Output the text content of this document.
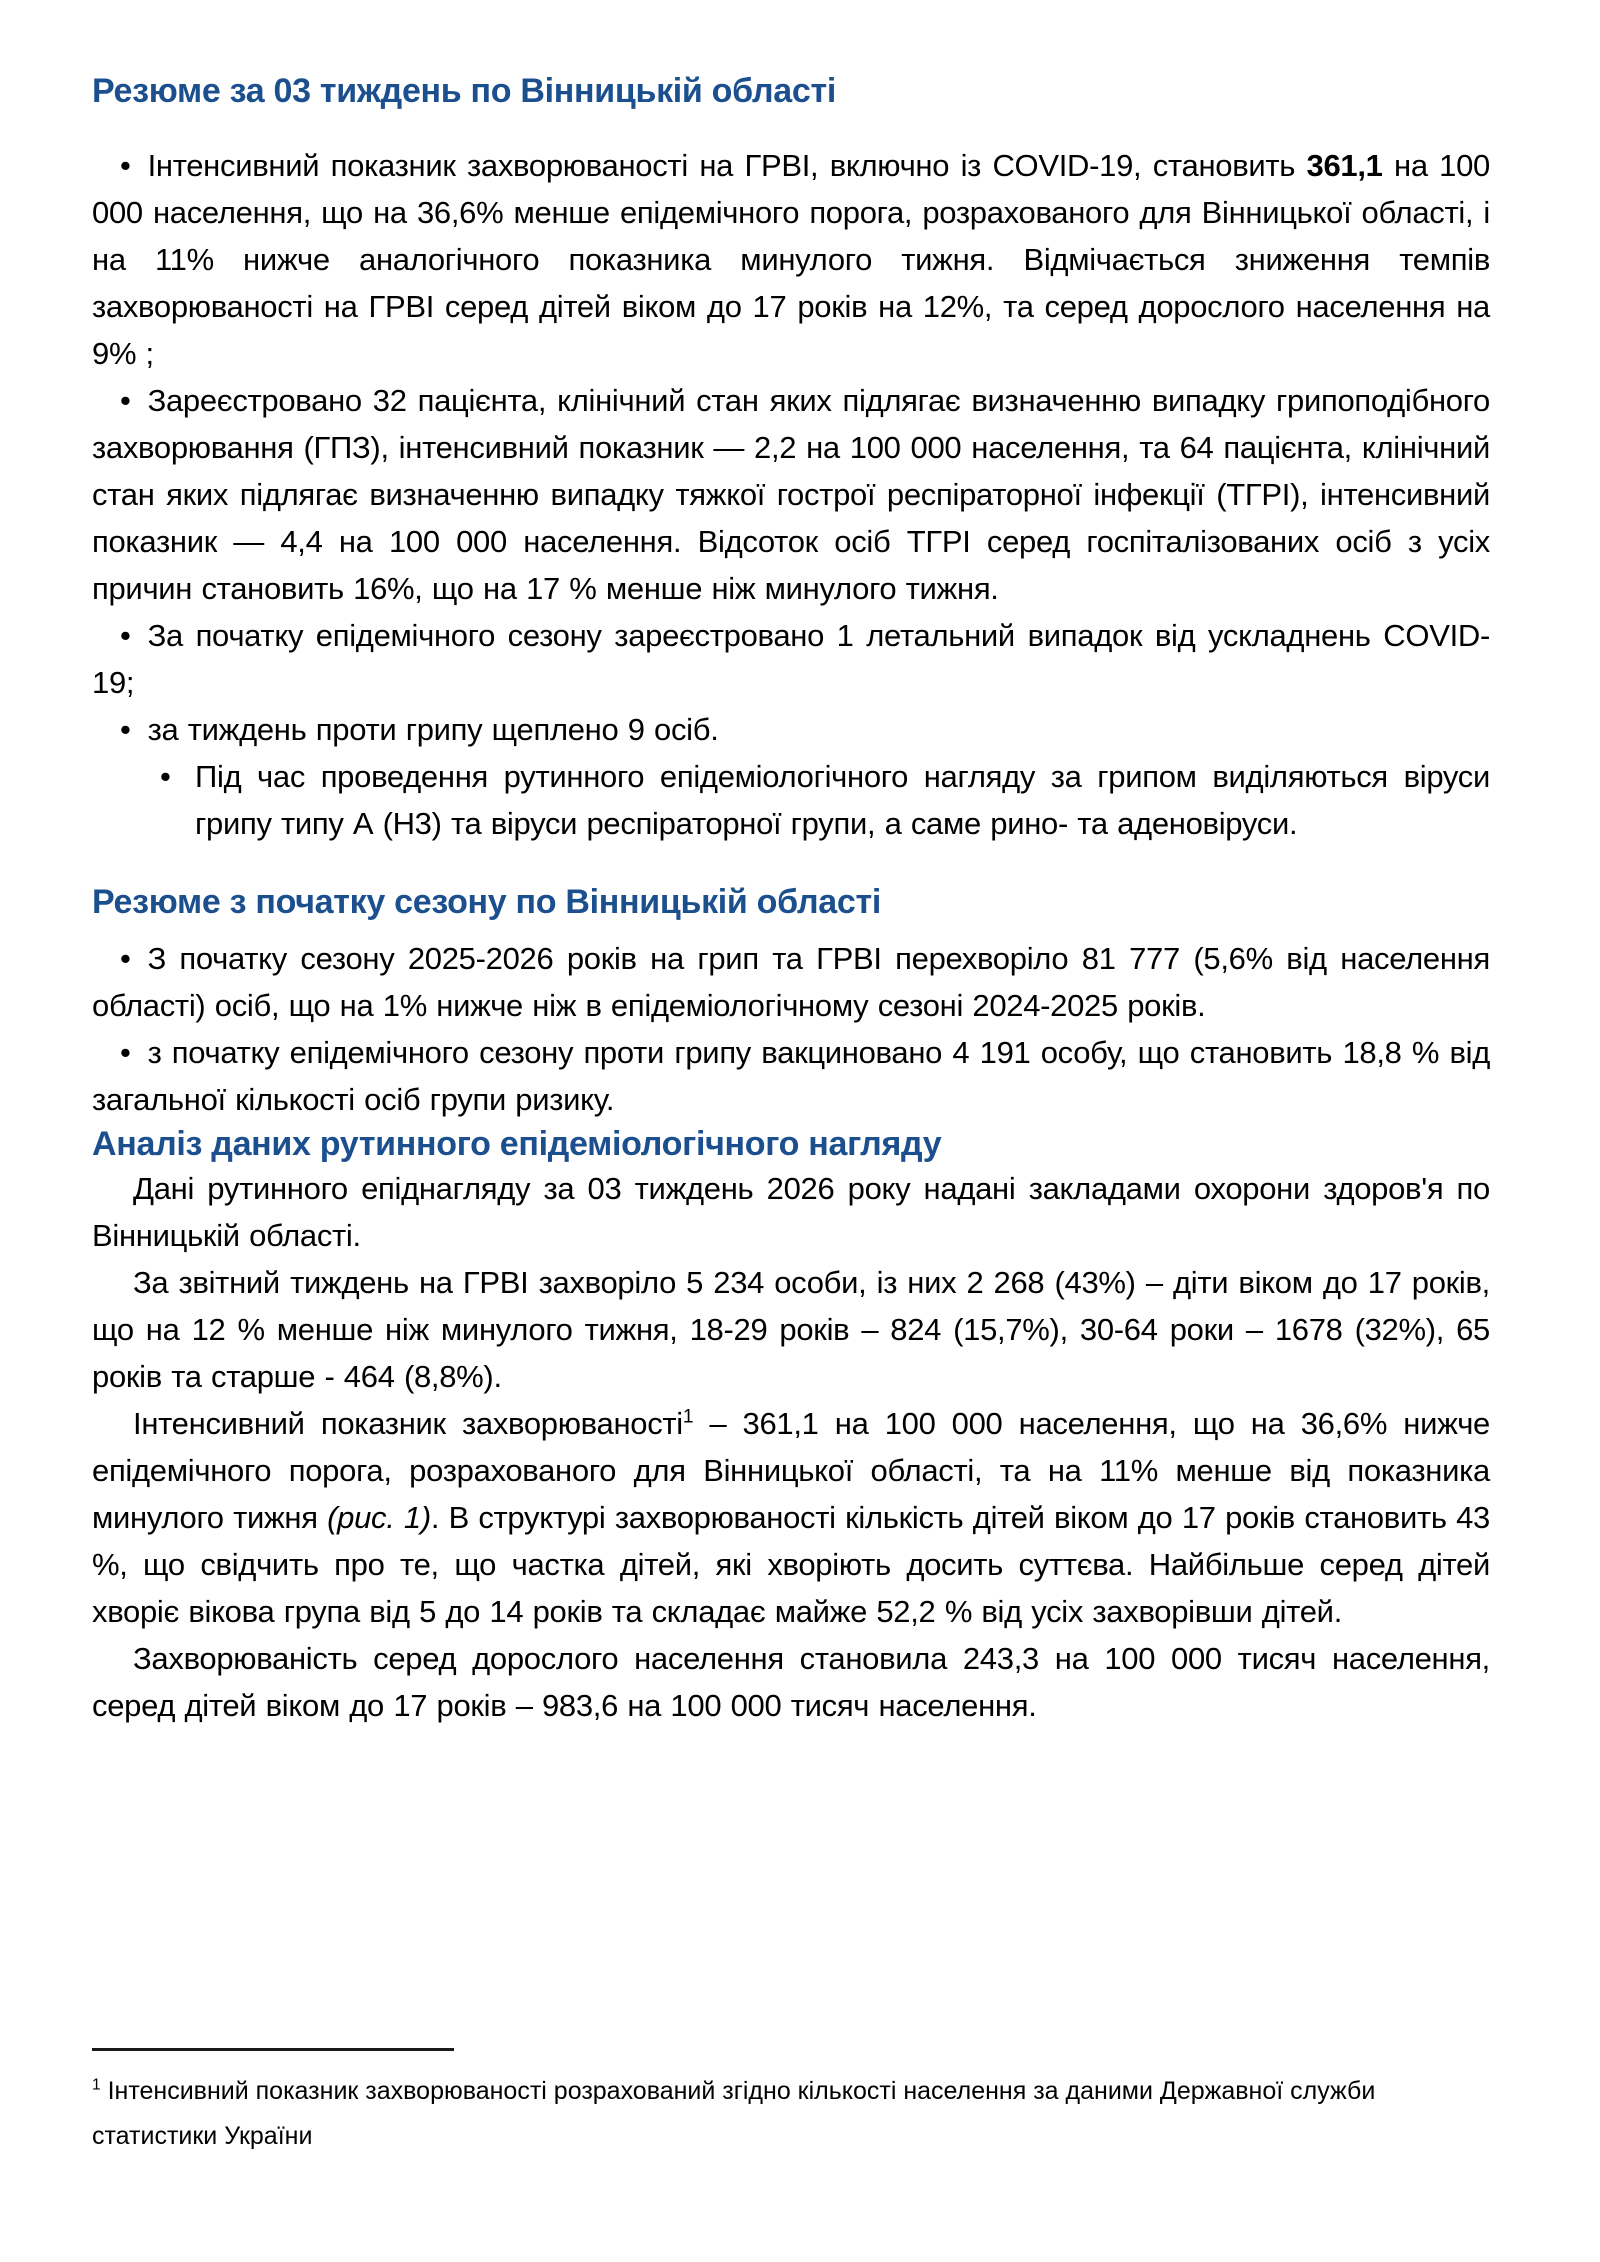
Резюме за 03 тиждень по Вінницькій області

• Інтенсивний показник захворюваності на ГРВІ, включно із COVID-19, становить 361,1 на 100 000 населення, що на 36,6% менше епідемічного порога, розрахованого для Вінницької області, і на 11% нижче аналогічного показника минулого тижня. Відмічається зниження темпів захворюваності на ГРВІ серед дітей віком до 17 років на 12%, та серед дорослого населення на 9% ;

• Зареєстровано 32 пацієнта, клінічний стан яких підлягає визначенню випадку грипоподібного захворювання (ГПЗ), інтенсивний показник — 2,2 на 100 000 населення, та 64 пацієнта, клінічний стан яких підлягає визначенню випадку тяжкої гострої респіраторної інфекції (ТГРІ), інтенсивний показник — 4,4 на 100 000 населення. Відсоток осіб ТГРІ серед госпіталізованих осіб з усіх причин становить 16%, що на 17 % менше ніж минулого тижня.

• За початку епідемічного сезону зареєстровано 1 летальний випадок від ускладнень COVID-19;

• за тиждень проти грипу щеплено 9 осіб.

• Під час проведення рутинного епідеміологічного нагляду за грипом виділяються віруси грипу типу А (Н3) та віруси респіраторної групи, а саме рино- та аденовіруси.

Резюме з початку сезону по Вінницькій області

• З початку сезону 2025-2026 років на грип та ГРВІ перехворіло 81 777 (5,6% від населення області) осіб, що на 1% нижче ніж в епідеміологічному сезоні 2024-2025 років.

• з початку епідемічного сезону проти грипу вакциновано 4 191 особу, що становить 18,8 % від загальної кількості осіб групи ризику.

Аналіз даних рутинного епідеміологічного нагляду

Дані рутинного епіднагляду за 03 тиждень 2026 року надані закладами охорони здоров'я по Вінницькій області.

За звітний тиждень на ГРВІ захворіло 5 234 особи, із них 2 268 (43%) – діти віком до 17 років, що на 12 % менше ніж минулого тижня, 18-29 років – 824 (15,7%), 30-64 роки – 1678 (32%), 65 років та старше - 464 (8,8%).

Інтенсивний показник захворюваності$^1$ – 361,1 на 100 000 населення, що на 36,6% нижче епідемічного порога, розрахованого для Вінницької області, та на 11% менше від показника минулого тижня (рис. 1). В структурі захворюваності кількість дітей віком до 17 років становить 43 %, що свідчить про те, що частка дітей, які хворіють досить суттєва. Найбільше серед дітей хворіє вікова група від 5 до 14 років та складає майже 52,2 % від усіх захворівши дітей.

Захворюваність серед дорослого населення становила 243,3 на 100 000 тисяч населення, серед дітей віком до 17 років – 983,6 на 100 000 тисяч населення.

$^1$ Інтенсивний показник захворюваності розрахований згідно кількості населення за даними Державної служби статистики України
